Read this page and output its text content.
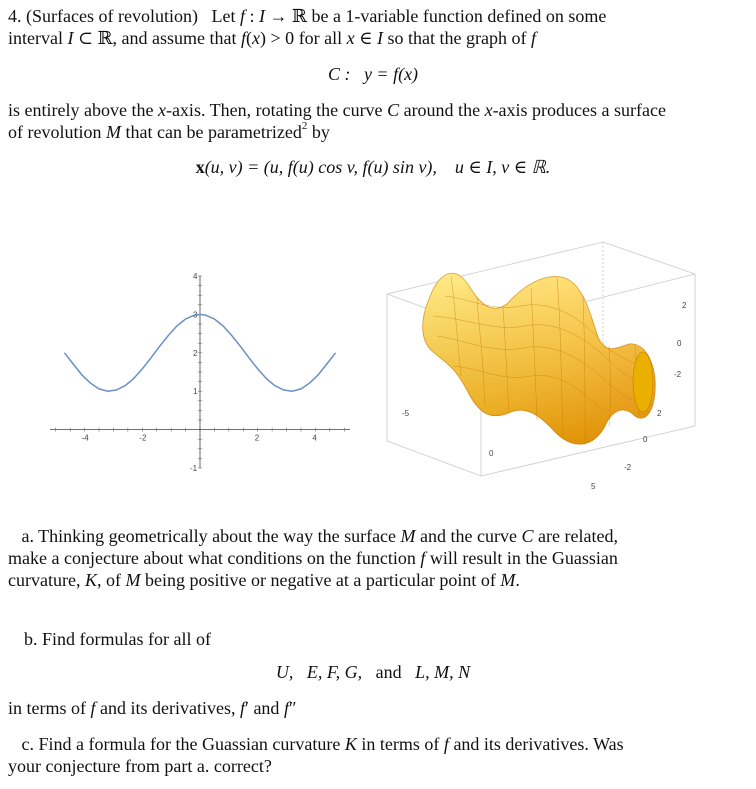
4. (Surfaces of revolution) Let f : I → ℝ be a 1-variable function defined on some
interval I ⊂ ℝ, and assume that f(x) > 0 for all x ∈ I so that the graph of f
C : y = f(x)
is entirely above the x-axis. Then, rotating the curve C around the x-axis produces a surface
of revolution M that can be parametrized$^2$ by
x(u, v) = (u, f(u) cos v, f(u) sin v), u ∈ I, v ∈ ℝ.
-4	-2	2	4
4
3
2
1
-1
2
0
-2
-5
0
5
2
0
-2
a. Thinking geometrically about the way the surface M and the curve C are related,
make a conjecture about what conditions on the function f will result in the Guassian
curvature, K, of M being positive or negative at a particular point of M.
b. Find formulas for all of
U,   E, F, G, and L, M, N
in terms of f and its derivatives, f′ and f″
c. Find a formula for the Guassian curvature K in terms of f and its derivatives. Was
your conjecture from part a. correct?
